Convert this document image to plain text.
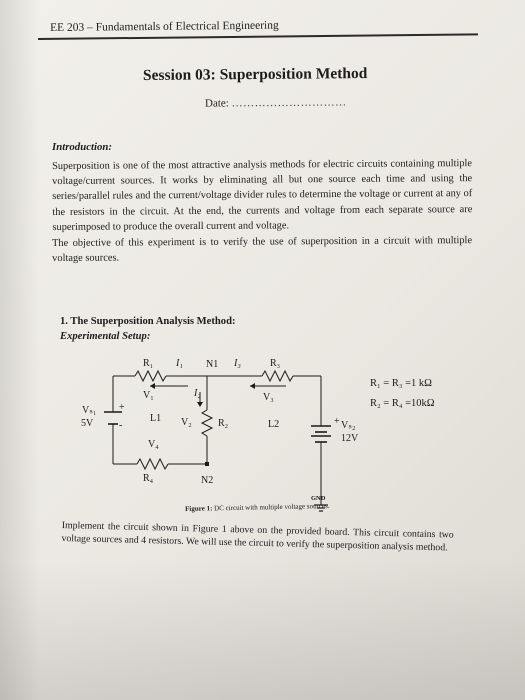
EE 203 – Fundamentals of Electrical Engineering
Session 03: Superposition Method
Date: …………………………
Introduction:
Superposition is one of the most attractive analysis methods for electric circuits containing multiple voltage/current sources. It works by eliminating all but one source each time and using the series/parallel rules and the current/voltage divider rules to determine the voltage or current at any of the resistors in the circuit. At the end, the currents and voltage from each separate source are superimposed to produce the overall current and voltage.
The objective of this experiment is to verify the use of superposition in a circuit with multiple voltage sources.
1. The Superposition Analysis Method:
Experimental Setup:
R₁ I₁ N1 I₃	R₃
V₁	I₂	V₃
Vₛ₁
5V
+
-
L1 V₂	R₂	L2	+ Vₛ₂
12V
V₄
R₄	N2
GND
R₁ = R₃ =1 kΩ
R₂ = R₄ =10kΩ
Figure 1: DC circuit with multiple voltage sources.
Implement the circuit shown in Figure 1 above on the provided board. This circuit contains two voltage sources and 4 resistors. We will use the circuit to verify the superposition analysis method.
